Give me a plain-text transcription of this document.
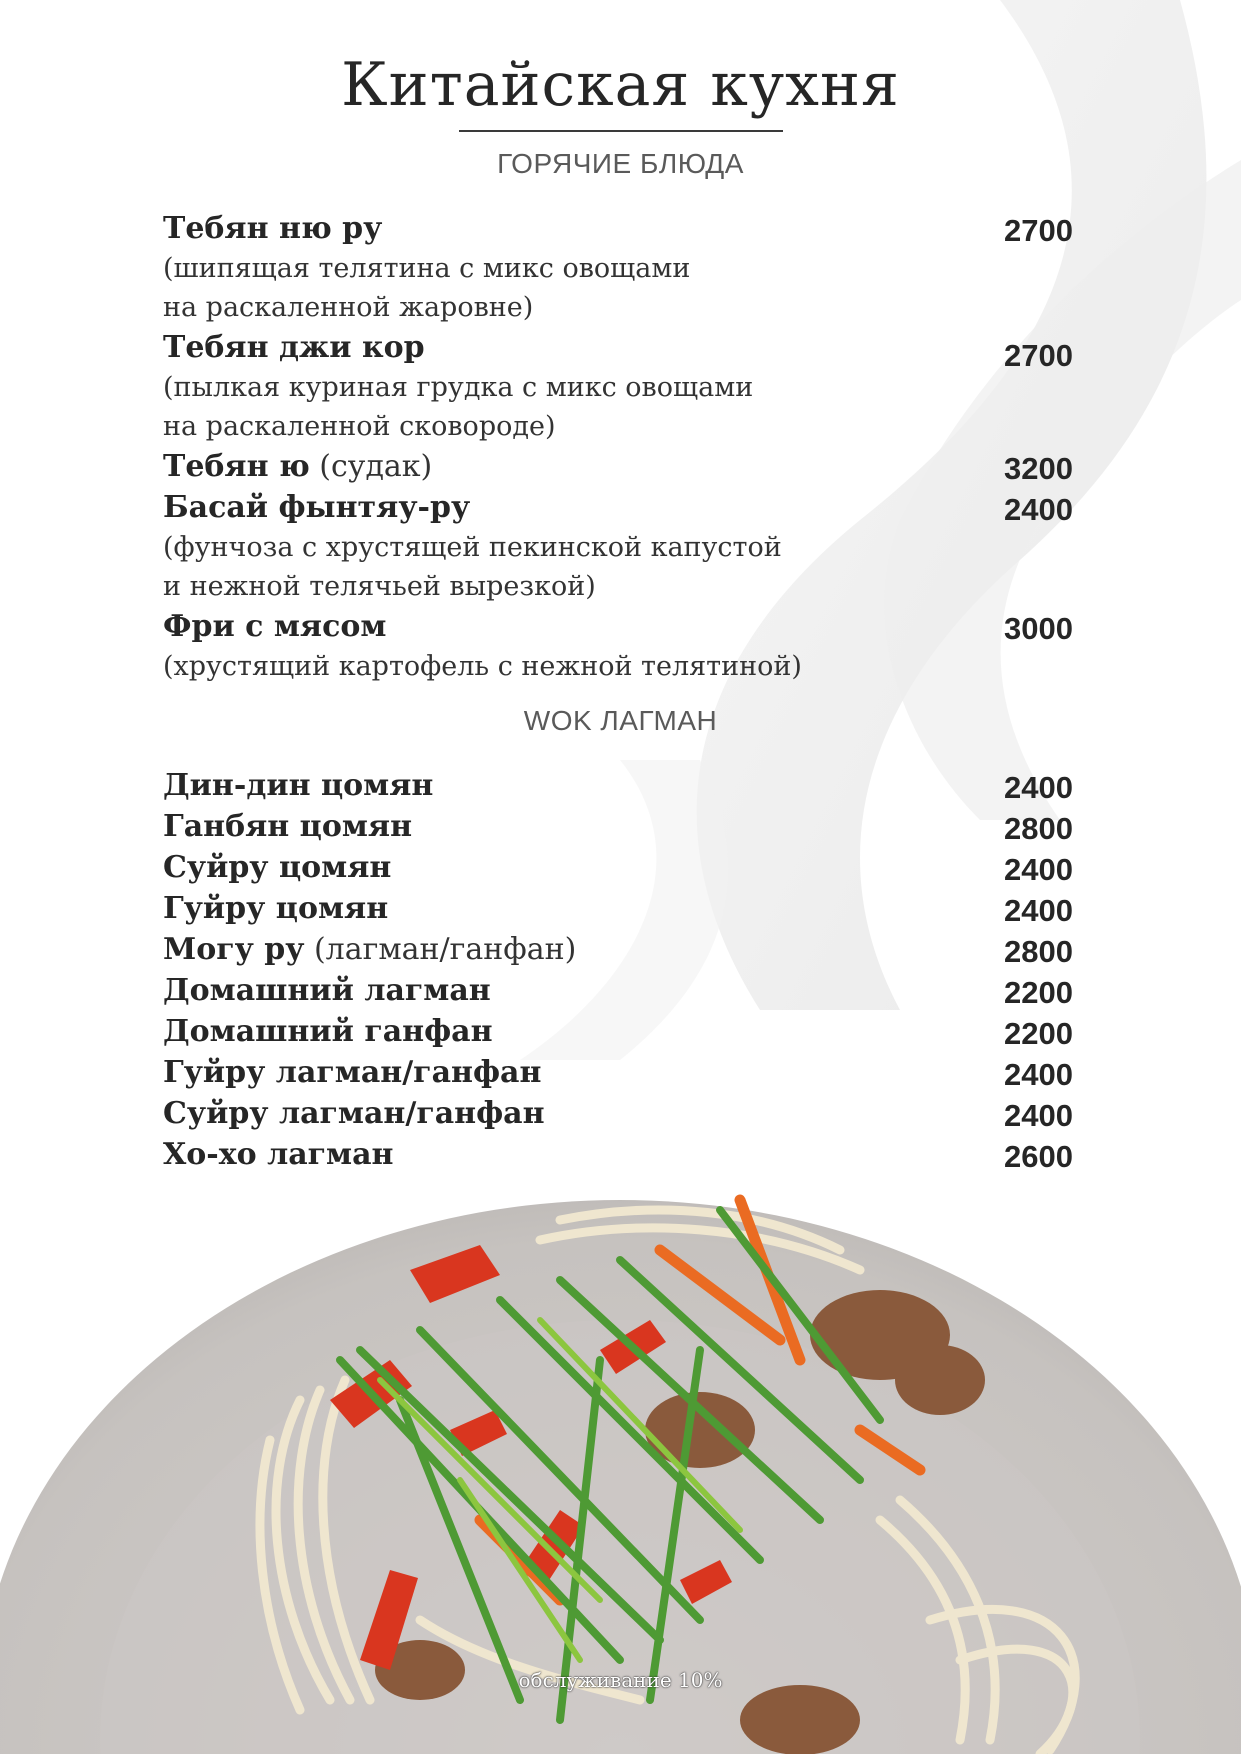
Китайская кухня
ГОРЯЧИЕ БЛЮДА
Тебян ню ру	2700
(шипящая телятина с микс овощами
на раскаленной жаровне)
Тебян джи кор	2700
(пылкая куриная грудка с микс овощами
на раскаленной сковороде)
Тебян ю (судак)	3200
Басай фынтяу-ру	2400
(фунчоза с хрустящей пекинской капустой
и нежной телячьей вырезкой)
Фри с мясом	3000
(хрустящий картофель с нежной телятиной)
WOK ЛАГМАН
Дин-дин цомян	2400
Ганбян цомян	2800
Суйру цомян	2400
Гуйру цомян	2400
Могу ру (лагман/ганфан)	2800
Домашний лагман	2200
Домашний ганфан	2200
Гуйру лагман/ганфан	2400
Суйру лагман/ганфан	2400
Хо-хо лагман	2600
обслуживание 10%
